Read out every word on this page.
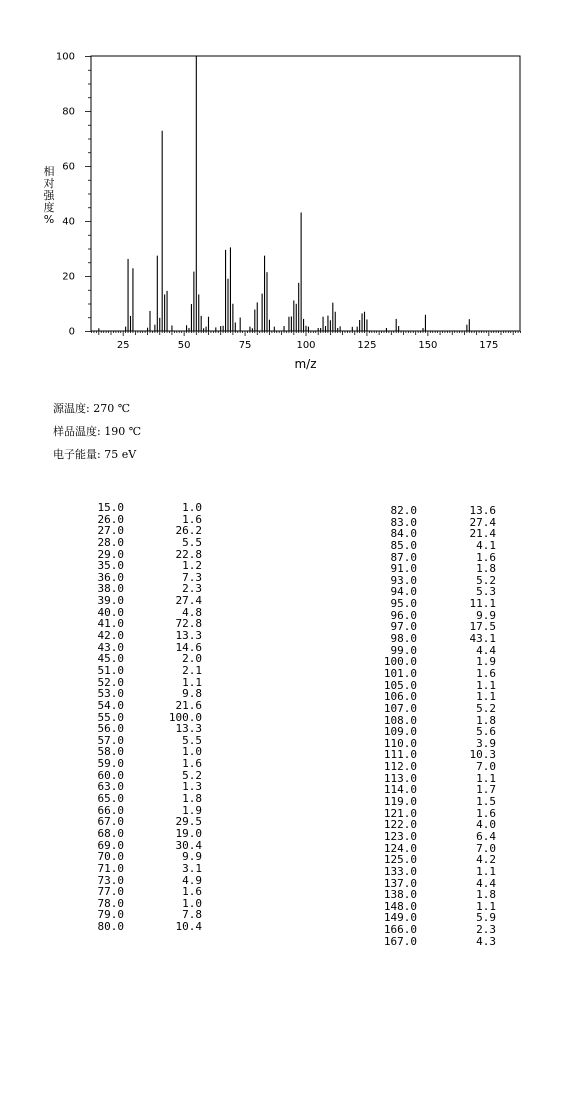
25	50	75	100	125	150	175
m/z
0
20
40
60
80
100
相对强度%
源温度: 270 ℃
样品温度: 190 ℃
电子能量: 75 eV
15.0	1.0
26.0	1.6
27.0	26.2
28.0	5.5
29.0	22.8
35.0	1.2
36.0	7.3
38.0	2.3
39.0	27.4
40.0	4.8
41.0	72.8
42.0	13.3
43.0	14.6
45.0	2.0
51.0	2.1
52.0	1.1
53.0	9.8
54.0	21.6
55.0	100.0
56.0	13.3
57.0	5.5
58.0	1.0
59.0	1.6
60.0	5.2
63.0	1.3
65.0	1.8
66.0	1.9
67.0	29.5
68.0	19.0
69.0	30.4
70.0	9.9
71.0	3.1
73.0	4.9
77.0	1.6
78.0	1.0
79.0	7.8
80.0	10.4
82.0	13.6
83.0	27.4
84.0	21.4
85.0	4.1
87.0	1.6
91.0	1.8
93.0	5.2
94.0	5.3
95.0	11.1
96.0	9.9
97.0	17.5
98.0	43.1
99.0	4.4
100.0	1.9
101.0	1.6
105.0	1.1
106.0	1.1
107.0	5.2
108.0	1.8
109.0	5.6
110.0	3.9
111.0	10.3
112.0	7.0
113.0	1.1
114.0	1.7
119.0	1.5
121.0	1.6
122.0	4.0
123.0	6.4
124.0	7.0
125.0	4.2
133.0	1.1
137.0	4.4
138.0	1.8
148.0	1.1
149.0	5.9
166.0	2.3
167.0	4.3
